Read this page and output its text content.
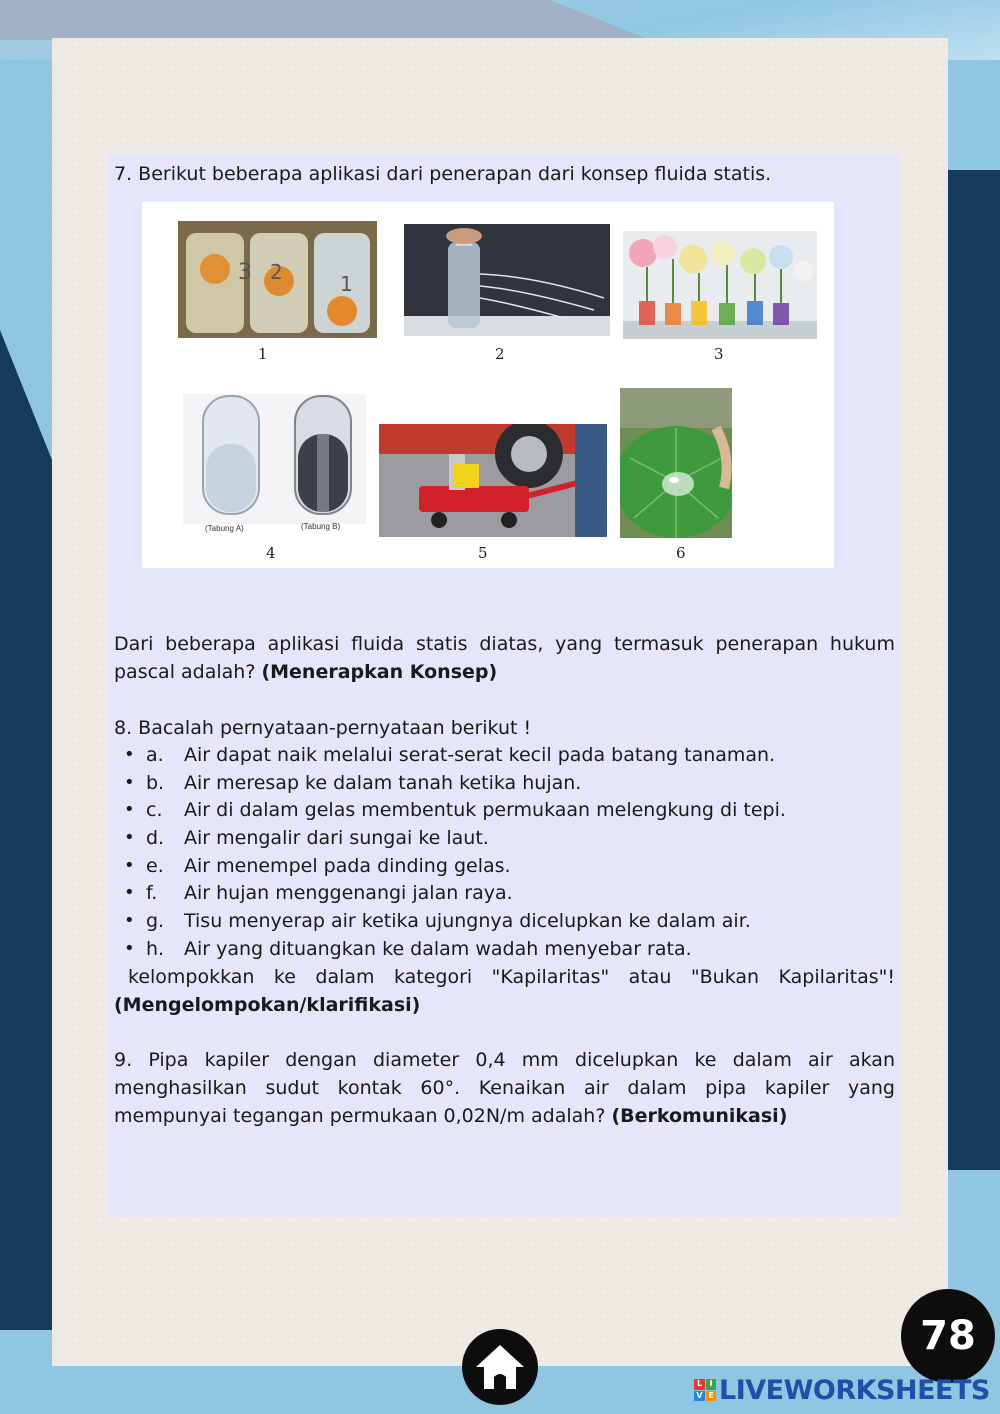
7. Berikut beberapa aplikasi dari penerapan dari konsep fluida statis.
3 2	1
1	2	3
(Tabung A)	(Tabung B)
4	5	6
Dari beberapa aplikasi fluida statis diatas, yang termasuk penerapan hukum pascal adalah? (Menerapkan Konsep)
8. Bacalah pernyataan-pernyataan berikut !
• a.	Air dapat naik melalui serat-serat kecil pada batang tanaman.
• b.	Air meresap ke dalam tanah ketika hujan.
• c.	Air di dalam gelas membentuk permukaan melengkung di tepi.
• d.	Air mengalir dari sungai ke laut.
• e.	Air menempel pada dinding gelas.
• f.	Air hujan menggenangi jalan raya.
• g.	Tisu menyerap air ketika ujungnya dicelupkan ke dalam air.
• h.	Air yang dituangkan ke dalam wadah menyebar rata.
kelompokkan ke dalam kategori "Kapilaritas" atau "Bukan Kapilaritas"!
(Mengelompokan/klarifikasi)
9. Pipa kapiler dengan diameter 0,4 mm dicelupkan ke dalam air akan menghasilkan sudut kontak 60°. Kenaikan air dalam pipa kapiler yang mempunyai tegangan permukaan 0,02N/m adalah? (Berkomunikasi)
78
L I
V E LIVEWORKSHEETS
